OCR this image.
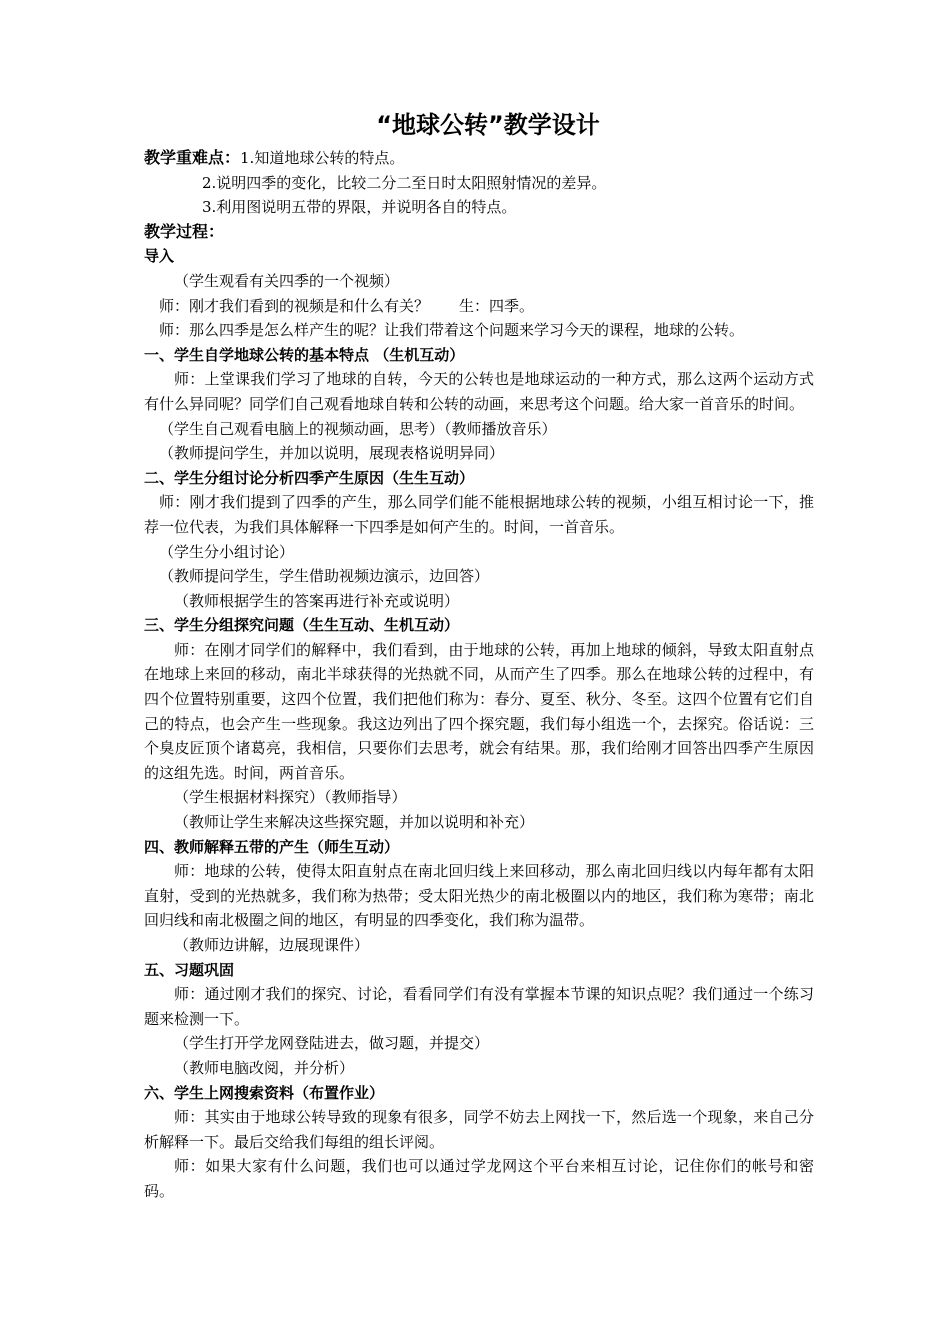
“地球公转”教学设计
教学重难点：1.知道地球公转的特点。
2.说明四季的变化，比较二分二至日时太阳照射情况的差异。
3.利用图说明五带的界限，并说明各自的特点。
教学过程：
导入
（学生观看有关四季的一个视频）
师：刚才我们看到的视频是和什么有关？ 生：四季。
师：那么四季是怎么样产生的呢？让我们带着这个问题来学习今天的课程，地球的公转。
一、学生自学地球公转的基本特点 （生机互动）
师：上堂课我们学习了地球的自转，今天的公转也是地球运动的一种方式，那么这两个运动方式有什么异同呢？同学们自己观看地球自转和公转的动画，来思考这个问题。给大家一首音乐的时间。
（学生自己观看电脑上的视频动画，思考）（教师播放音乐）
（教师提问学生，并加以说明，展现表格说明异同）
二、学生分组讨论分析四季产生原因（生生互动）
师：刚才我们提到了四季的产生，那么同学们能不能根据地球公转的视频，小组互相讨论一下，推荐一位代表，为我们具体解释一下四季是如何产生的。时间，一首音乐。
（学生分小组讨论）
（教师提问学生，学生借助视频边演示，边回答）
（教师根据学生的答案再进行补充或说明）
三、学生分组探究问题（生生互动、生机互动）
师：在刚才同学们的解释中，我们看到，由于地球的公转，再加上地球的倾斜，导致太阳直射点在地球上来回的移动，南北半球获得的光热就不同，从而产生了四季。那么在地球公转的过程中，有四个位置特别重要，这四个位置，我们把他们称为：春分、夏至、秋分、冬至。这四个位置有它们自己的特点，也会产生一些现象。我这边列出了四个探究题，我们每小组选一个，去探究。俗话说：三个臭皮匠顶个诸葛亮，我相信，只要你们去思考，就会有结果。那，我们给刚才回答出四季产生原因的这组先选。时间，两首音乐。
（学生根据材料探究）（教师指导）
（教师让学生来解决这些探究题，并加以说明和补充）
四、教师解释五带的产生（师生互动）
师：地球的公转，使得太阳直射点在南北回归线上来回移动，那么南北回归线以内每年都有太阳直射，受到的光热就多，我们称为热带；受太阳光热少的南北极圈以内的地区，我们称为寒带；南北回归线和南北极圈之间的地区，有明显的四季变化，我们称为温带。
（教师边讲解，边展现课件）
五、习题巩固
师：通过刚才我们的探究、讨论，看看同学们有没有掌握本节课的知识点呢？我们通过一个练习题来检测一下。
（学生打开学龙网登陆进去，做习题，并提交）
（教师电脑改阅，并分析）
六、学生上网搜索资料（布置作业）
师：其实由于地球公转导致的现象有很多，同学不妨去上网找一下，然后选一个现象，来自己分析解释一下。最后交给我们每组的组长评阅。
师：如果大家有什么问题，我们也可以通过学龙网这个平台来相互讨论，记住你们的帐号和密码。
